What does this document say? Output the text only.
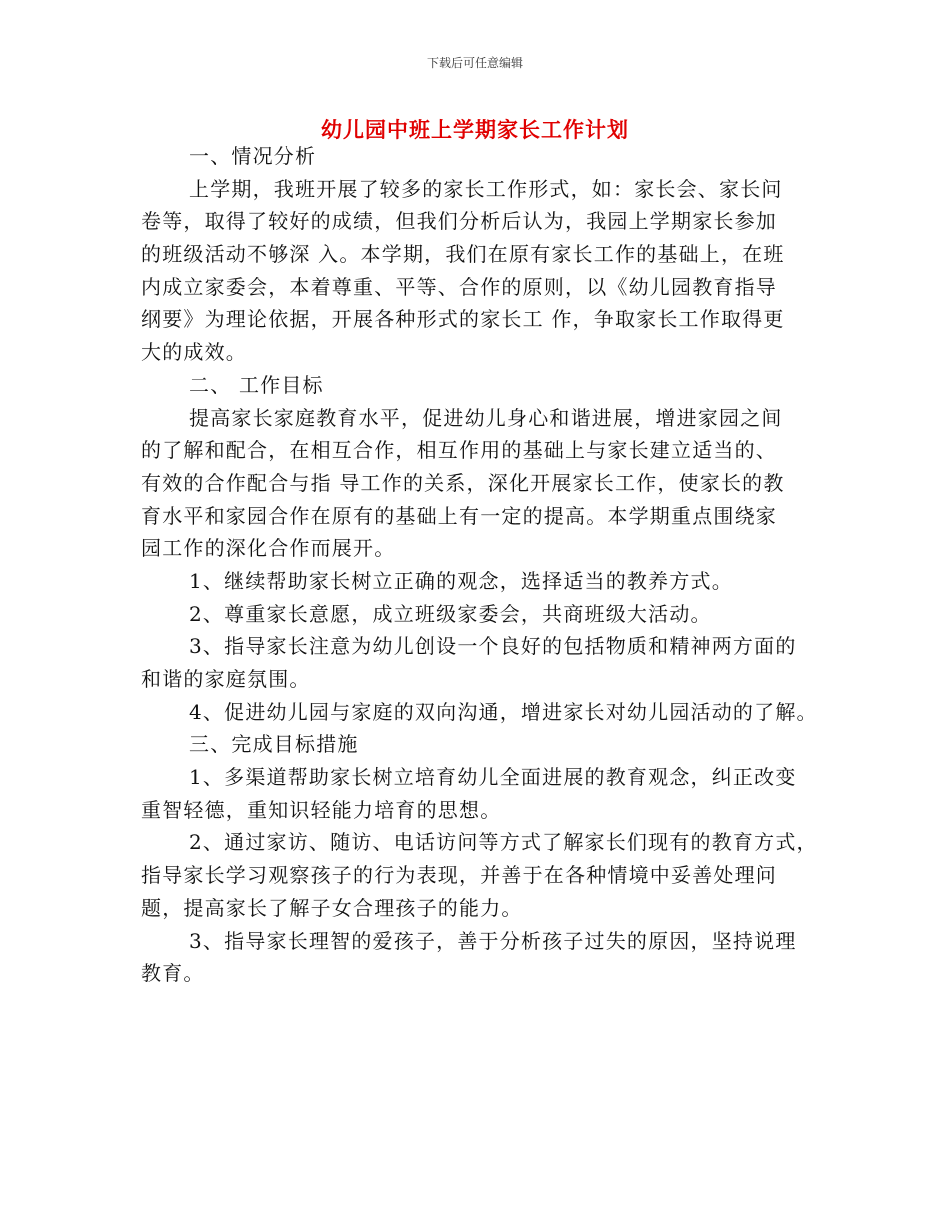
下载后可任意编辑
幼儿园中班上学期家长工作计划
一、情况分析
上学期，我班开展了较多的家长工作形式，如：家长会、家长问
卷等，取得了较好的成绩，但我们分析后认为，我园上学期家长参加
的班级活动不够深 入。本学期，我们在原有家长工作的基础上，在班
内成立家委会，本着尊重、平等、合作的原则，以《幼儿园教育指导
纲要》为理论依据，开展各种形式的家长工 作，争取家长工作取得更
大的成效。
二、 工作目标
提高家长家庭教育水平，促进幼儿身心和谐进展，增进家园之间
的了解和配合，在相互合作，相互作用的基础上与家长建立适当的、
有效的合作配合与指 导工作的关系，深化开展家长工作，使家长的教
育水平和家园合作在原有的基础上有一定的提高。本学期重点围绕家
园工作的深化合作而展开。
1、继续帮助家长树立正确的观念，选择适当的教养方式。
2、尊重家长意愿，成立班级家委会，共商班级大活动。
3、指导家长注意为幼儿创设一个良好的包括物质和精神两方面的
和谐的家庭氛围。
4、促进幼儿园与家庭的双向沟通，增进家长对幼儿园活动的了解。
三、完成目标措施
1、多渠道帮助家长树立培育幼儿全面进展的教育观念，纠正改变
重智轻德，重知识轻能力培育的思想。
2、通过家访、随访、电话访问等方式了解家长们现有的教育方式，
指导家长学习观察孩子的行为表现，并善于在各种情境中妥善处理问
题，提高家长了解子女合理孩子的能力。
3、指导家长理智的爱孩子，善于分析孩子过失的原因，坚持说理
教育。
